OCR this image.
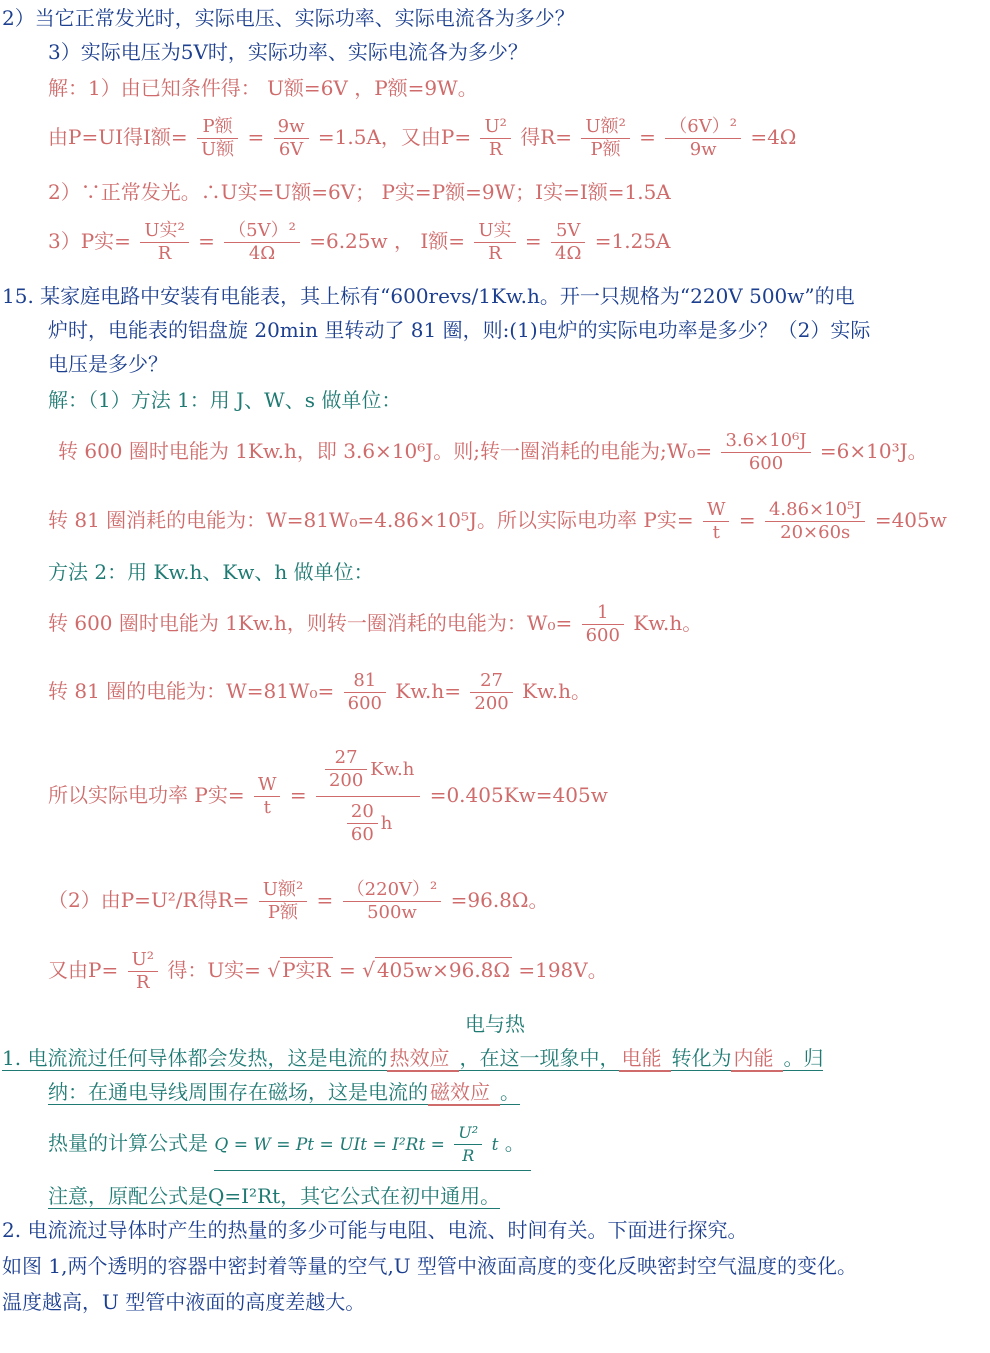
2）当它正常发光时，实际电压、实际功率、实际电流各为多少？
3）实际电压为5V时，实际功率、实际电流各为多少？
解：1）由已知条件得： U额=6V ，P额=9W。
由P=UI得I额= $\frac{\text{P额}}{\text{U额}} = \frac{9w}{6V} =1.5A$，又由$P= \frac{\text{U²}}{R}$ 得$R= \frac{\text{U额²}}{\text{P额}} = \frac{\text{（6V）²}}{9w} =4\Omega$
2）∵正常发光。∴U实=U额=6V； P实=P额=9W；I实=I额=1.5A
3）P实= $\frac{\text{U实²}}{R} = \frac{\text{（5V）²}}{4\Omega} =6.25w$ ， I额= $\frac{\text{U实}}{R} = \frac{5V}{4\Omega} =1.25A$
15. 某家庭电路中安装有电能表，其上标有“600revs/1Kw.h。开一只规格为“220V 500w”的电
炉时，电能表的铝盘旋 20min 里转动了 81 圈，则:(1)电炉的实际电功率是多少？（2）实际
电压是多少？
解：（1）方法 1：用 J、W、s 做单位：
转 600 圈时电能为 1Kw.h，即 3.6×10⁶J。则;转一圈消耗的电能为;W₀= $\frac{\text{3.6×10⁶J}}{600} =6\times 10^3J$。
转 81 圈消耗的电能为：W=81W₀=4.86×10⁵J。所以实际电功率 P实= $\frac{W}{t} = \frac{\text{4.86×10⁵J}}{20\times 60s} =405w$
方法 2：用 Kw.h、Kw、h 做单位：
转 600 圈时电能为 1Kw.h，则转一圈消耗的电能为：$W_0= \frac{1}{600} Kw.h$。
转 81 圈的电能为：$W=81W_0= \frac{81}{600} Kw.h= \frac{27}{200} Kw.h$。
所以实际电功率 P实= $\frac{W}{t} = \frac{\frac{27}{200} Kw.h}{\frac{20}{60} h} =0.405Kw=405w$
（2）由P=U²/R得$R= \frac{\text{U额²}}{\text{P额}} = \frac{\text{（220V）²}}{500w} =96.8\Omega$。
又由$P= \frac{\text{U²}}{R}$ 得：U实= √ P实R = √ 405w×96.8Ω =198V。
电与热
1. 电流流过任何导体都会发热，这是电流的 热效应 ，在这一现象中， 电能 转化为 内能 。归
纳：在通电导线周围存在磁场，这是电流的 磁效应 。
热量的计算公式是 Q = W = Pt = UIt = $I^2Rt = \frac{\text{U²}}{R}$ t 。
注意，原配公式是Q=I²Rt，其它公式在初中通用。
2. 电流流过导体时产生的热量的多少可能与电阻、电流、时间有关。下面进行探究。
如图 1,两个透明的容器中密封着等量的空气,U 型管中液面高度的变化反映密封空气温度的变化。
温度越高，U 型管中液面的高度差越大。
